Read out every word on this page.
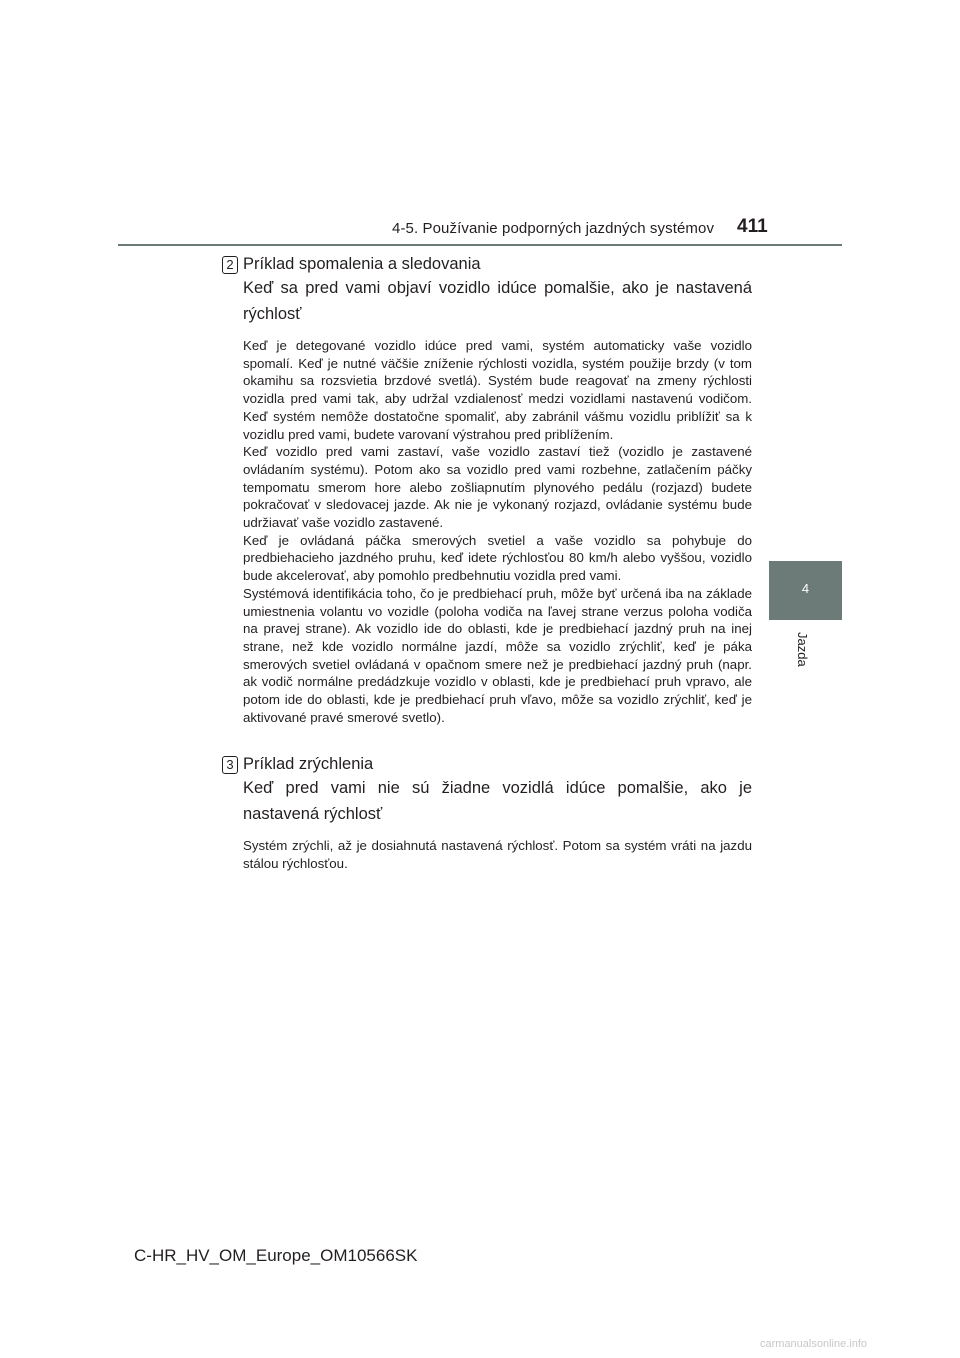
4-5. Používanie podporných jazdných systémov 411
4
Jazda
2 Príklad spomalenia a sledovania
Keď sa pred vami objaví vozidlo idúce pomalšie, ako je nastavená rýchlosť

Keď je detegované vozidlo idúce pred vami, systém automaticky vaše vozidlo spomalí. Keď je nutné väčšie zníženie rýchlosti vozidla, systém použije brzdy (v tom okamihu sa rozsvietia brzdové svetlá). Systém bude reagovať na zmeny rýchlosti vozidla pred vami tak, aby udržal vzdialenosť medzi vozidlami nastavenú vodičom. Keď systém nemôže dostatočne spomaliť, aby zabránil vášmu vozidlu priblížiť sa k vozidlu pred vami, budete varovaní výstrahou pred priblížením.

Keď vozidlo pred vami zastaví, vaše vozidlo zastaví tiež (vozidlo je zastavené ovládaním systému). Potom ako sa vozidlo pred vami rozbehne, zatlačením páčky tempomatu smerom hore alebo zošliapnutím plynového pedálu (rozjazd) budete pokračovať v sledovacej jazde. Ak nie je vykonaný rozjazd, ovládanie systému bude udržiavať vaše vozidlo zastavené.

Keď je ovládaná páčka smerových svetiel a vaše vozidlo sa pohybuje do predbiehacieho jazdného pruhu, keď idete rýchlosťou 80 km/h alebo vyššou, vozidlo bude akcelerovať, aby pomohlo predbehnutiu vozidla pred vami.

Systémová identifikácia toho, čo je predbiehací pruh, môže byť určená iba na základe umiestnenia volantu vo vozidle (poloha vodiča na ľavej strane verzus poloha vodiča na pravej strane). Ak vozidlo ide do oblasti, kde je predbiehací jazdný pruh na inej strane, než kde vozidlo normálne jazdí, môže sa vozidlo zrýchliť, keď je páka smerových svetiel ovládaná v opačnom smere než je predbiehací jazdný pruh (napr. ak vodič normálne predádzkuje vozidlo v oblasti, kde je predbiehací pruh vpravo, ale potom ide do oblasti, kde je predbiehací pruh vľavo, môže sa vozidlo zrýchliť, keď je aktivované pravé smerové svetlo).

3 Príklad zrýchlenia
Keď pred vami nie sú žiadne vozidlá idúce pomalšie, ako je nastavená rýchlosť

Systém zrýchli, až je dosiahnutá nastavená rýchlosť. Potom sa systém vráti na jazdu stálou rýchlosťou.

C-HR_HV_OM_Europe_OM10566SK
carmanualsonline.info
